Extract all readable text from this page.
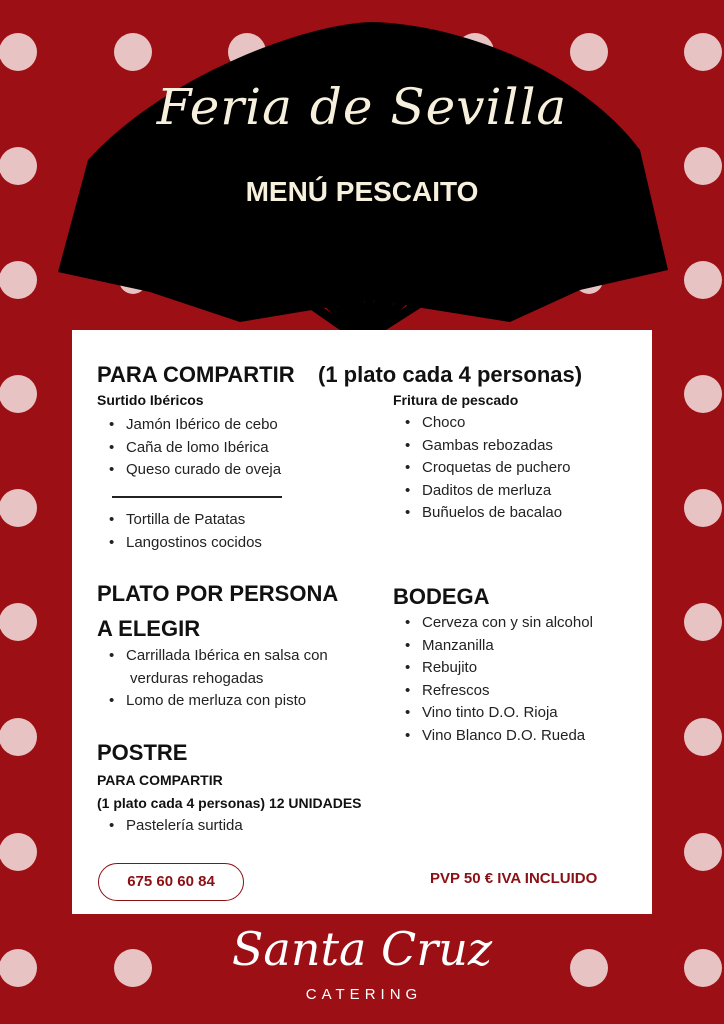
Feria de Sevilla
MENÚ PESCAITO
PARA COMPARTIR (1 plato cada 4 personas)
Surtido Ibéricos
• Jamón Ibérico de cebo
• Caña de lomo Ibérica
• Queso curado de oveja
• Tortilla de Patatas
• Langostinos cocidos
Fritura de pescado
• Choco
• Gambas rebozadas
• Croquetas de puchero
• Daditos de merluza
• Buñuelos de bacalao
PLATO POR PERSONA
A ELEGIR
• Carrillada Ibérica en salsa con
verduras rehogadas
• Lomo de merluza con pisto
BODEGA
• Cerveza con y sin alcohol
• Manzanilla
• Rebujito
• Refrescos
• Vino tinto D.O. Rioja
• Vino Blanco D.O. Rueda
POSTRE
PARA COMPARTIR
(1 plato cada 4 personas) 12 UNIDADES
• Pastelería surtida
675 60 60 84	PVP 50 € IVA INCLUIDO
Santa Cruz
CATERING
